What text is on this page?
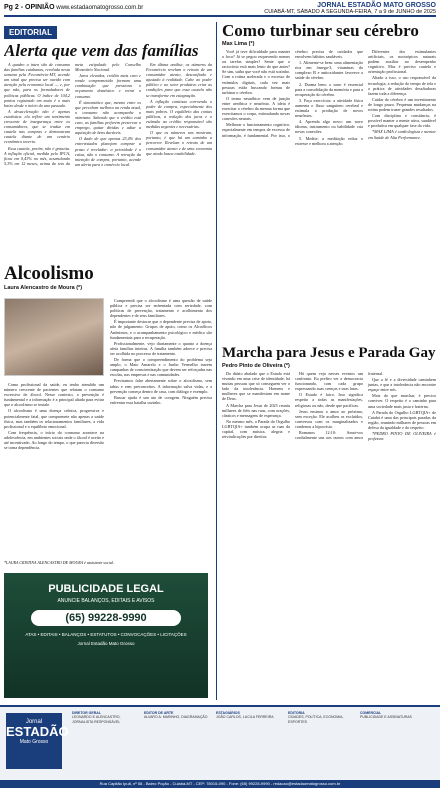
Pg 2 - OPINIÃO www.estadaomatogrosso.com.br	JORNAL ESTADÃO MATO GROSSO
CUIABÁ-MT, SÁBADO A SEGUNDA-FEIRA, 7 a 9 de JUNHO de 2025
EDITORIAL
Alerta que vem das famílias

A quadro a inten são de consumo das famílias cuiabanas, revelada nesta semana pela Fecomércio-MT, acende um sinal que precisa ser ouvido com atenção pela economia local — e, por que não, para os formuladores de políticas públicas. O índice de 104,2 pontos registrado em maio é o mais baixo desde o início do ano passado.

A desaceleração não é apenas estatística: ela reflete um sentimento crescente de insegurança entre os consumidores, que se traduz em cautela nas compras e demonstram cautela diante de um cenário econômico incerto.

Essa cautela, porém, não é gratuita. A inflação oficial, medida pelo IPCA, ficou em 0,43% no mês, acumulando 5,3% em 12 meses, acima do teto da meta estipulado pelo Conselho Monetário Nacional.

Juros elevados, crédito mais caro e renda comprometida formam uma combinação que pressiona o orçamento doméstico e retrai o consumo.

É sintomático que, mesmo entre os que percebem melhora na renda atual, o consumo não acompanhe o otimismo. Sabendo que o crédito está caro, as famílias preferem preservar o emprego, quitar dívidas e adiar a aquisição de bens duráveis.

O dado de que apenas 23,4% dos entrevistados planejam comprar a prazo é revelador: a prioridade é o caixa, não o consumo. A retração da intenção de compra, portanto, acende um alerta para o comércio local.

Em última análise, os números da Fecomércio revelam o retrato de um consumidor atento, desconfiado e ajustado à realidade. Cabe ao poder público e ao setor produtivo criar as condições para que essa cautela não se transforme em estagnação.

A inflação continua corroendo o poder de compra, especialmente dos mais pobres. O equilíbrio das contas públicas, a redução dos juros e o estímulo ao crédito responsável são medidas urgentes e necessárias.

O que os números nos mostram, portanto, é que há um caminho a percorrer. Revelam o retrato de um consumidor atento e de uma economia que ainda busca estabilidade.

Alcoolismo
Laura Alencastro de Moura (*)

Como profissional da saúde, eu tenho atendido um número crescente de pacientes que relatam o consumo excessivo de álcool. Nesse contexto, a prevenção é fundamental e a informação é a principal aliada para evitar que o alcoolismo se instale.

O alcoolismo é uma doença crônica, progressiva e potencialmente fatal, que compromete não apenas a saúde física, mas também os relacionamentos familiares, a vida profissional e o equilíbrio emocional.

Com frequência, o início do consumo acontece na adolescência, em ambientes sociais onde o álcool é aceito e até incentivado. Ao longo do tempo, o que parecia diversão se torna dependência.

Compreendi que o alcoolismo é uma questão de saúde pública e precisa ser enfrentada com seriedade, com políticas de prevenção, tratamento e acolhimento dos dependentes e de seus familiares.

É importante destacar que o dependente precisa de apoio, não de julgamento. Grupos de apoio, como os Alcoólicos Anônimos, e o acompanhamento psicológico e médico são fundamentais para a recuperação.

Profissionalmente, vejo diariamente o quanto a doença afeta famílias inteiras. A família também adoece e precisa ser acolhida no processo de tratamento.

De forma que o compreendimento do problema seja amplo, o Maio Amarelo e o Junho Vermelho trazem campanhas de conscientização que devem ser reforçadas nas escolas, nas empresas e nas comunidades.

Precisamos falar abertamente sobre o alcoolismo, sem tabus e sem preconceitos. A informação salva vidas, e a prevenção começa dentro de casa, com diálogo e exemplo.

Buscar ajuda é um ato de coragem. Ninguém precisa enfrentar essa batalha sozinho.

PUBLICIDADE LEGAL
ANUNCIE BALANÇOS, EDITAIS E AVISOS
(65) 99228-9990
ATAS • EDITAIS • BALANÇOS • ESTATUTOS • CONVOCAÇÕES • LICITAÇÕES
Jornal Estadão Mato Grosso
Como turbinar seu cérebro
Max Lima (*)

Você já teve dificuldade para manter o foco? Já se pegou esquecendo nomes ou tarefas simples? Sente que o raciocínio está mais lento do que antes? Se sim, saiba que você não está sozinho. Com a rotina acelerada e o excesso de estímulos digitais, cada vez mais pessoas estão buscando formas de turbinar o cérebro.

O termo neuróbico vem de junção entre aeróbica e neurônio. A ideia é exercitar o cérebro da mesma forma que exercitamos o corpo, estimulando novas conexões neurais.

Melhorar o funcionamento cognitivo, especialmente em tempos de excesso de informação, é fundamental. Por isso, o cérebro precisa de cuidados que envolvem hábitos saudáveis.

1. Alimente-se bem: uma alimentação rica em ômega-3, vitaminas do complexo B e antioxidantes favorece a saúde do cérebro.

2. Durma bem: o sono é essencial para a consolidação da memória e para a recuperação do cérebro.

3. Faça exercícios: a atividade física aumenta o fluxo sanguíneo cerebral e estimula a produção de novos neurônios.

4. Aprenda algo novo: um novo idioma, instrumento ou habilidade cria novas conexões.

5. Medite: a meditação reduz o estresse e melhora a atenção.

Diferentes dos estimulantes artificiais, os nootrópicos naturais podem auxiliar no desempenho cognitivo. Mas é preciso cautela e orientação profissional.

Aliado a isso, o uso responsável da tecnologia, a redução do tempo de tela e a prática de atividades desafiadoras fazem toda a diferença.

Cuidar do cérebro é um investimento de longo prazo. Pequenas mudanças na rotina podem trazer grandes resultados.

Com disciplina e constância, é possível manter a mente ativa, saudável e produtiva em qualquer fase da vida.

*MAX LIMA é cardiologista e mentor em Saúde de Alta Performance.

Marcha para Jesus e Parada Gay
Pedro Pinto de Oliveira (*)

Do diário abalado que o Estado está vivendo em uma crise de identidade, há muitas pessoas que só conseguem ver o lado da intolerância. Homens e mulheres que se manifestam em nome de Deus.

A Marcha para Jesus de 2025 reuniu milhares de fiéis nas ruas, com orações, cânticos e mensagens de esperança.

No mesmo mês, a Parada do Orgulho LGBTQIA+ também ocupa as ruas da capital, com música, alegria e reivindicações por direitos.

Há quem veja nesses eventos um confronto. Eu prefiro ver a democracia funcionando, com cada grupo expressando suas crenças e suas lutas.

O Estado é laico. Isso significa respeito a todas as manifestações, religiosas ou não, desde que pacíficas.

Jesus ensinou o amor ao próximo, sem exceção. Ele acolheu os excluídos, conversou com os marginalizados e condenou a hipocrisia.

Romanos 12:10: Amai-vos cordialmente uns aos outros com amor fraternal.

Que a fé e a diversidade caminhem juntas, e que a intolerância não encontre espaço entre nós.

Mais do que marchar, é preciso conviver. O respeito é o caminho para uma sociedade mais justa e fraterna.

A Parada do Orgulho LGBTQIA+ de Cuiabá é uma das principais paradas da região, reunindo milhares de pessoas em defesa da igualdade e do respeito.

*PEDRO PINTO DE OLIVEIRA é professor.

Jornal
ESTADÃO
Mato Grosso
DIRETOR GERAL
LEONARDO E ALENCASTRO, JORNALISTA RESPONSÁVEL
EDITOR DE ARTE
ALVARO A. MARINHO, DIAGRAMAÇÃO
ESTAGIÁRIOS
JOÃO CARLOS, LUCILA FERREIRA
EDITORIA
CIDADES, POLÍTICA, ECONOMIA, ESPORTES
COMERCIAL
PUBLICIDADE E ASSINATURAS
Rua Capitão Ipuã, nº 58 - Bairro Poção - Cuiabá-MT - CEP: 78015-090 - Fone: (65) 99228-9990 - redacao@estadaomatogrosso.com.br
*LAURA CRISTINA ALENCASTRO DE MOURA é assistente social.
